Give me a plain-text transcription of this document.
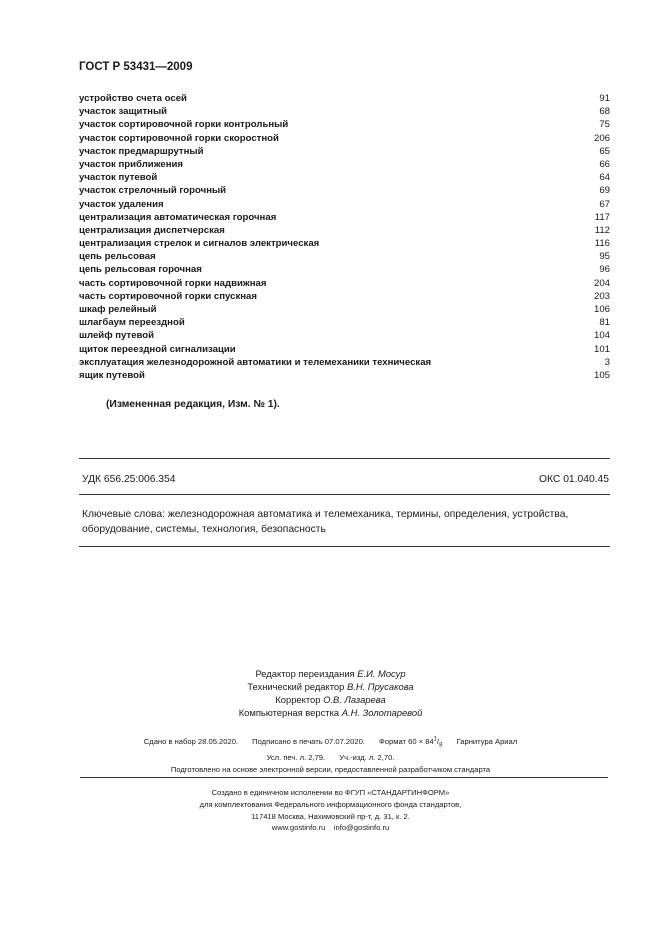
ГОСТ Р 53431—2009
устройство счета осей	91
участок защитный	68
участок сортировочной горки контрольный	75
участок сортировочной горки скоростной	206
участок предмаршрутный	65
участок приближения	66
участок путевой	64
участок стрелочный горочный	69
участок удаления	67
централизация автоматическая горочная	117
централизация диспетчерская	112
централизация стрелок и сигналов электрическая	116
цепь рельсовая	95
цепь рельсовая горочная	96
часть сортировочной горки надвижная	204
часть сортировочной горки спускная	203
шкаф релейный	106
шлагбаум переездной	81
шлейф путевой	104
щиток переездной сигнализации	101
эксплуатация железнодорожной автоматики и телемеханики техническая	3
ящик путевой	105
(Измененная редакция, Изм. № 1).
УДК 656.25:006.354	ОКС 01.040.45
Ключевые слова: железнодорожная автоматика и телемеханика, термины, определения, устройства, оборудование, системы, технология, безопасность
Редактор переиздания Е.И. Мосур
Технический редактор В.Н. Прусакова
Корректор О.В. Лазарева
Компьютерная верстка А.Н. Золотаревой
Сдано в набор 28.05.2020. Подписано в печать 07.07.2020. Формат $60 \times 84^1/_8$ Гарнитура Ариал
Усл. печ. л. 2,79. Уч.-изд. л. 2,70.
Подготовлено на основе электронной версии, предоставленной разработчиком стандарта
Создано в единичном исполнении во ФГУП «СТАНДАРТИНФОРМ»
для комплектования Федерального информационного фонда стандартов,
117418 Москва, Нахимовский пр-т, д. 31, к. 2.
www.gostinfo.ru info@gostinfo.ru
